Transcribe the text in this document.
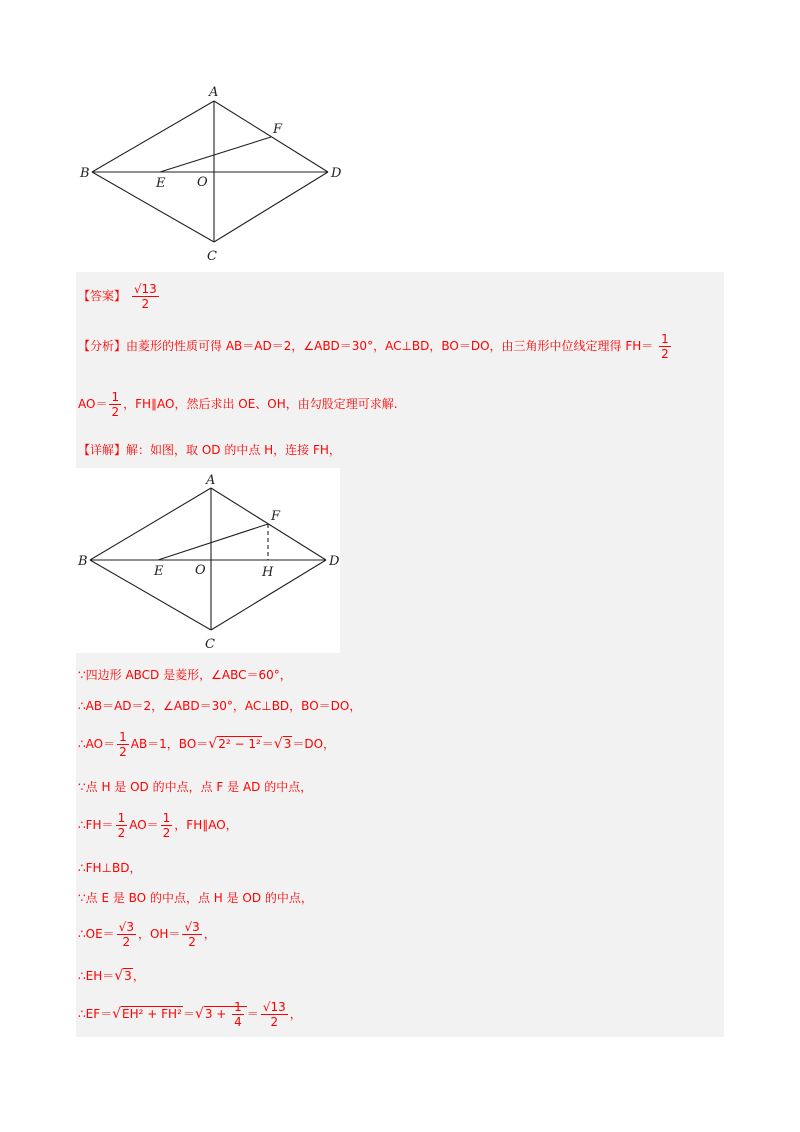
A
B
C
D
E
F
O
【答案】 $\frac{√13}{2}$
【分析】由菱形的性质可得 AB＝AD＝2，∠ABD＝30°，AC⊥BD，BO＝DO，由三角形中位线定理得 $FH= \frac{1}{2}$
$AO= \frac{1}{2}$ ，FH∥AO，然后求出 OE、OH，由勾股定理可求解.
【详解】解：如图，取 OD 的中点 H，连接 FH，
A
B
C
D
E
F
O	H
∵四边形 ABCD 是菱形，∠ABC＝60°，
∴AB＝AD＝2，∠ABD＝30°，AC⊥BD，BO＝DO，
∴AO＝ $\frac{1}{2} AB=1$，BO＝√2² − 1²＝√3＝DO，
∵点 H 是 OD 的中点，点 F 是 AD 的中点，
∴FH＝ $\frac{1}{2} AO= \frac{1}{2}$ ，FH∥AO，
∴FH⊥BD，
∵点 E 是 BO 的中点，点 H 是 OD 的中点，
∴OE＝ $\frac{√3}{2}$ ，$OH= \frac{√3}{2}$ ，
∴EH＝√3，
∴EF＝√EH² + $FH^2=√3 + \frac{1}{4} = \frac{√13}{2}$ ，
